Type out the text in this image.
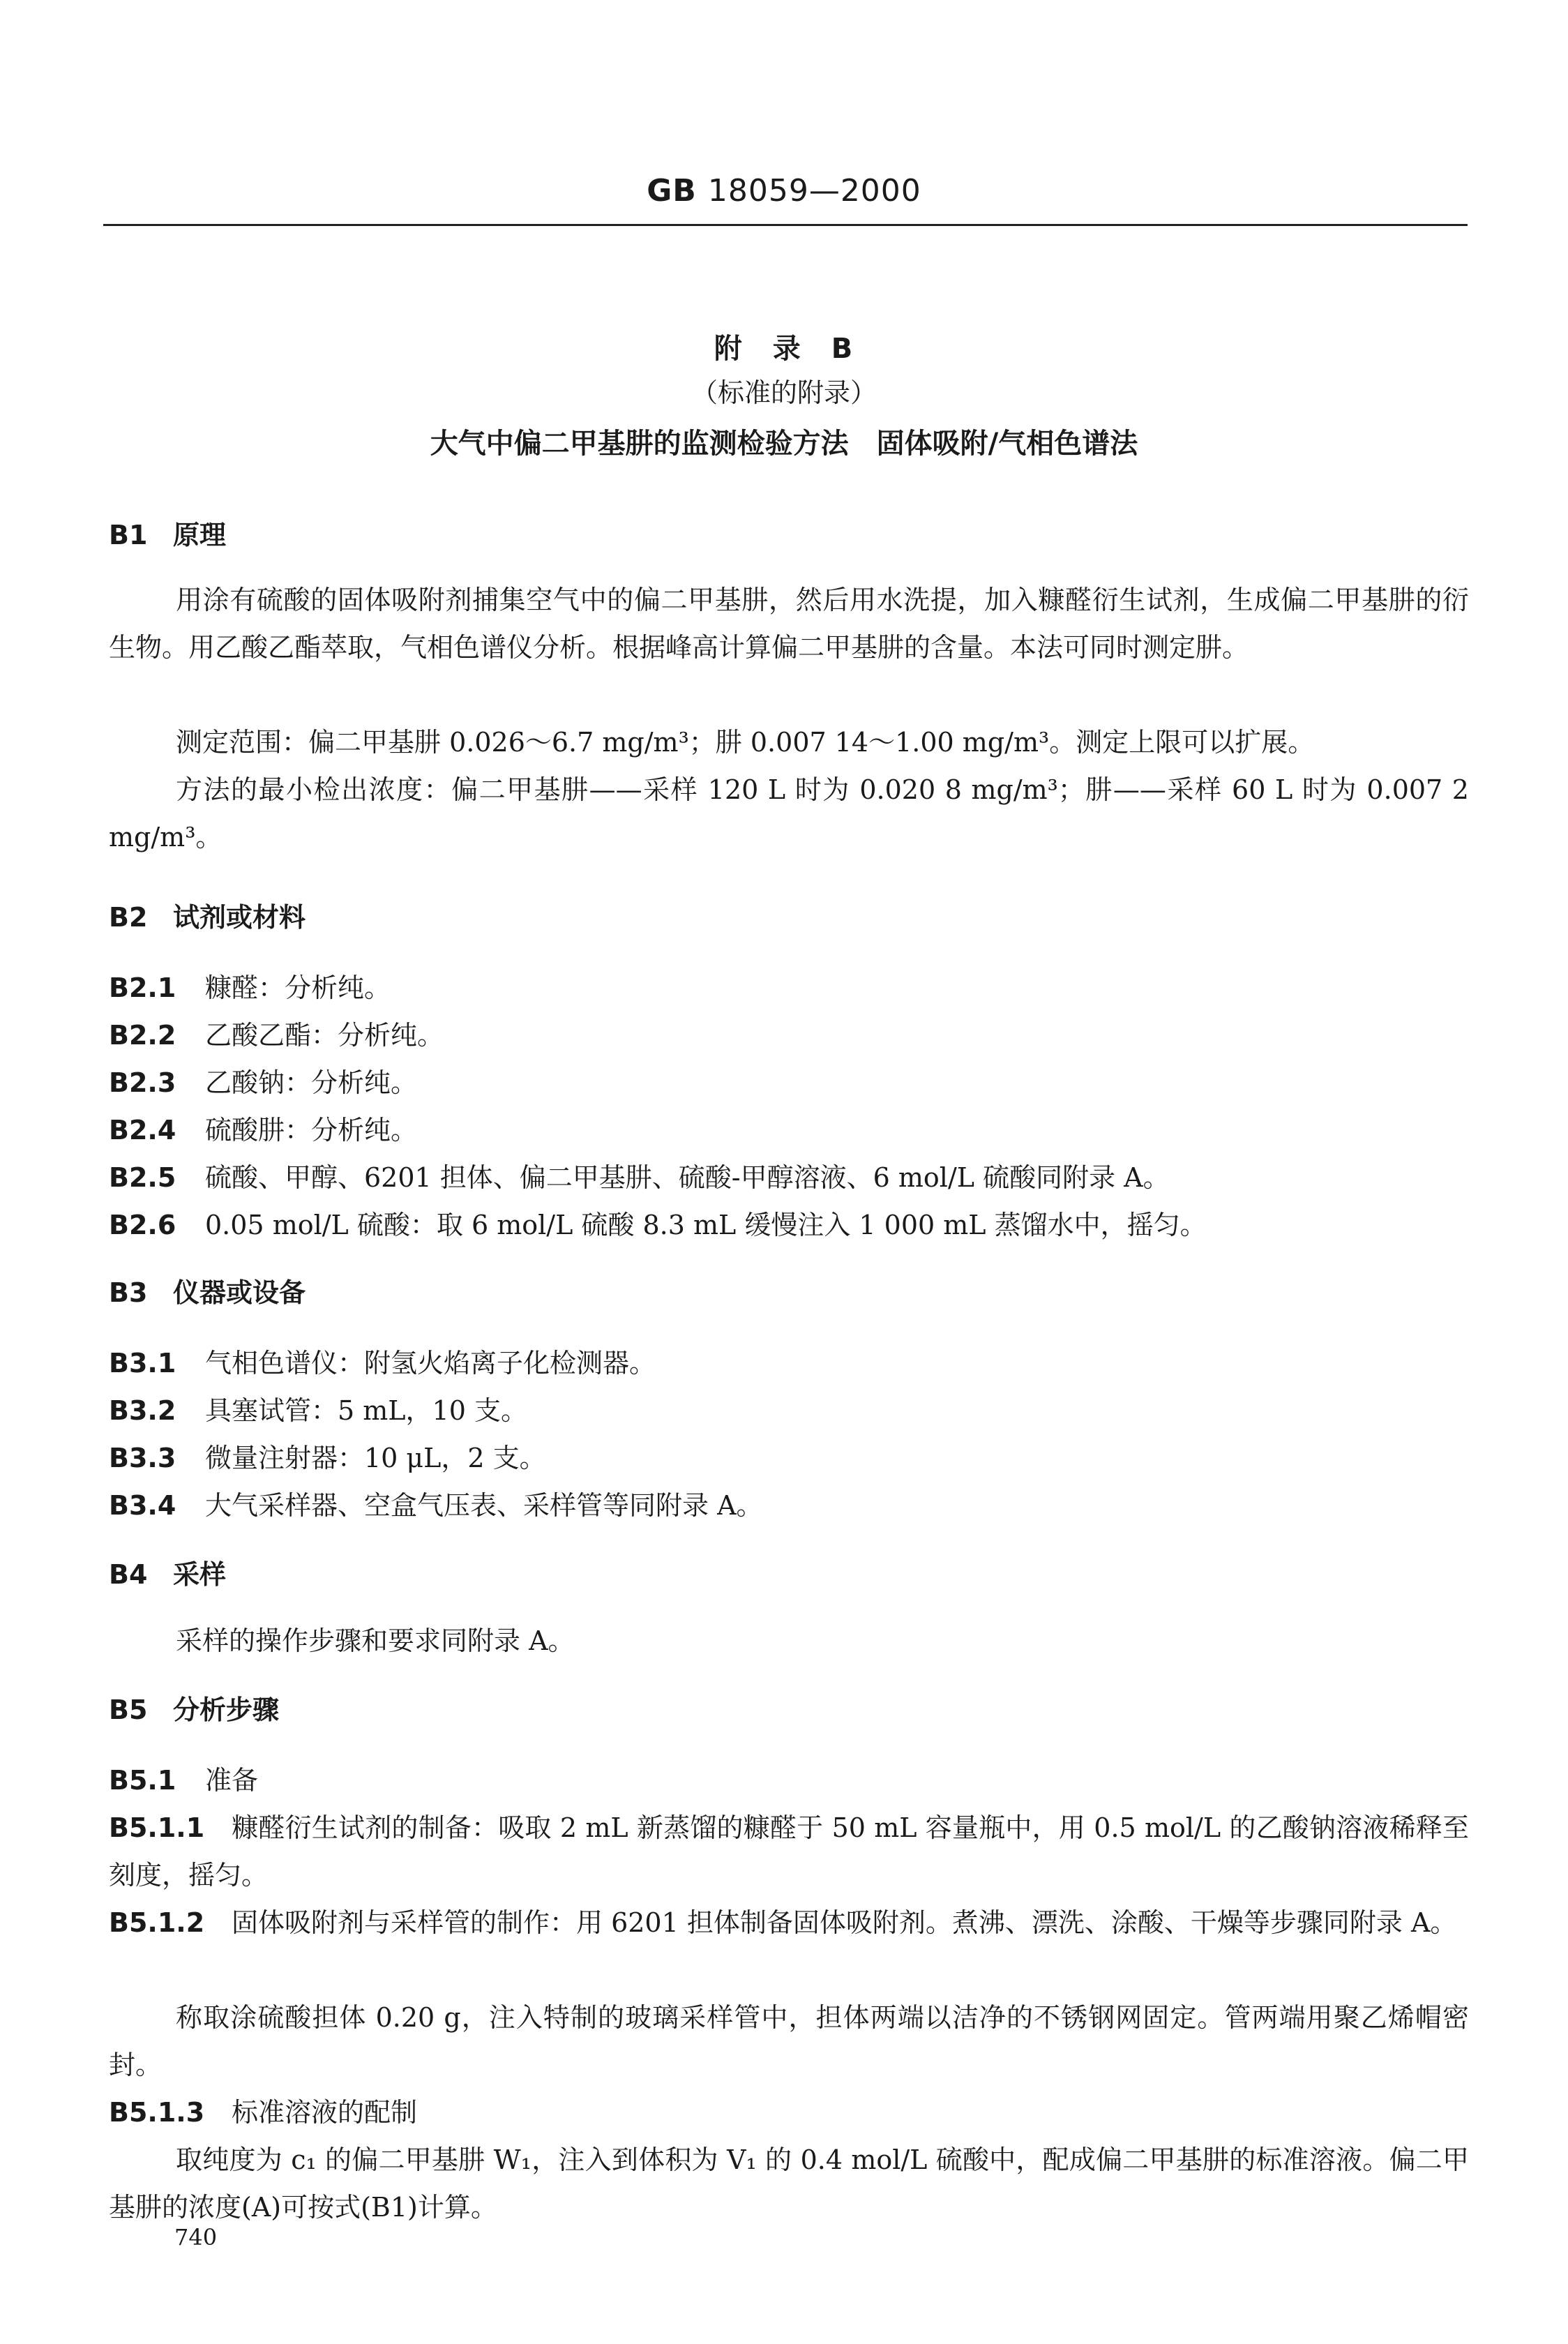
GB 18059—2000
附　录　B
（标准的附录）
大气中偏二甲基肼的监测检验方法　固体吸附/气相色谱法
B1 原理
用涂有硫酸的固体吸附剂捕集空气中的偏二甲基肼，然后用水洗提，加入糠醛衍生试剂，生成偏二甲基肼的衍生物。用乙酸乙酯萃取，气相色谱仪分析。根据峰高计算偏二甲基肼的含量。本法可同时测定肼。
测定范围：偏二甲基肼 0.026～6.7 mg/m³；肼 0.007 14～1.00 mg/m³。测定上限可以扩展。
方法的最小检出浓度：偏二甲基肼——采样 120 L 时为 0.020 8 mg/m³；肼——采样 60 L 时为 0.007 2 mg/m³。
B2 试剂或材料
B2.1 糠醛：分析纯。
B2.2 乙酸乙酯：分析纯。
B2.3 乙酸钠：分析纯。
B2.4 硫酸肼：分析纯。
B2.5 硫酸、甲醇、6201 担体、偏二甲基肼、硫酸-甲醇溶液、6 mol/L 硫酸同附录 A。
B2.6 0.05 mol/L 硫酸：取 6 mol/L 硫酸 8.3 mL 缓慢注入 1 000 mL 蒸馏水中，摇匀。
B3 仪器或设备
B3.1 气相色谱仪：附氢火焰离子化检测器。
B3.2 具塞试管：5 mL，10 支。
B3.3 微量注射器：10 μL，2 支。
B3.4 大气采样器、空盒气压表、采样管等同附录 A。
B4 采样
采样的操作步骤和要求同附录 A。
B5 分析步骤
B5.1 准备
B5.1.1 糠醛衍生试剂的制备：吸取 2 mL 新蒸馏的糠醛于 50 mL 容量瓶中，用 0.5 mol/L 的乙酸钠溶液稀释至刻度，摇匀。
B5.1.2 固体吸附剂与采样管的制作：用 6201 担体制备固体吸附剂。煮沸、漂洗、涂酸、干燥等步骤同附录 A。
称取涂硫酸担体 0.20 g，注入特制的玻璃采样管中，担体两端以洁净的不锈钢网固定。管两端用聚乙烯帽密封。
B5.1.3 标准溶液的配制
取纯度为 c₁ 的偏二甲基肼 W₁，注入到体积为 V₁ 的 0.4 mol/L 硫酸中，配成偏二甲基肼的标准溶液。偏二甲基肼的浓度(A)可按式(B1)计算。
740
